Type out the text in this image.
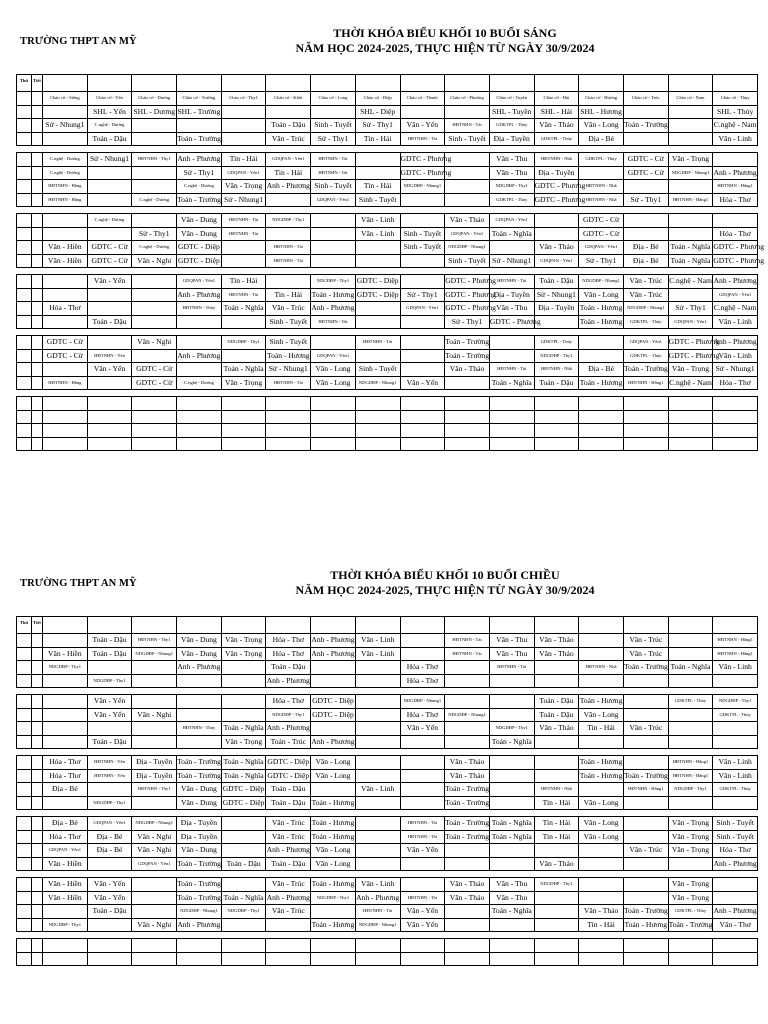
TRƯỜNG THPT AN MỸ
THỜI KHÓA BIỂU KHỐI 10 BUỔI SÁNG
NĂM HỌC 2024-2025, THỰC HIỆN TỪ NGÀY 30/9/2024
Thứ	Tiết																
		Chào cờ - Siêng	Chào cờ - Yến	Chào cờ - Dương	Chào cờ - Trường	Chào cờ - Thy1	Chào cờ - Khôi	Chào cờ - Long	Chào cờ - Diệp	Chào cờ - Thanh	Chào cờ - Phương	Chào cờ - Tuyền	Chào cờ - Hải	Chào cờ - Hương	Chào cờ - Trúc	Chào cờ - Nam	Chào cờ - Thủy
			SHL - Yến	SHL - Dương	SHL - Trường				SHL - Diệp			SHL - Tuyền	SHL - Hải	SHL - Hương			SHL - Thủy
		Sử - Nhung1	C.nghệ - Dương				Toán - Dậu	Sinh - Tuyết	Sử - Thy1	Văn - Yến	HĐTNHN - Tài	GDKTPL - Thủy	Văn - Thảo	Văn - Long	Toán - Trường		C.nghệ - Nam
			Toán - Dậu		Toán - Trường		Văn - Trúc	Sử - Thy1	Tin - Hải	HĐTNHN - Tài	Sinh - Tuyết	Địa - Tuyền	GDKTPL - Thủy	Địa - Bé			Văn - Linh

		C.nghệ - Dương	Sử - Nhung1	HĐTNHN - Thy1	Anh - Phương	Tin - Hải	GDQPAN - Yên1	HĐTNHN - Tài		GDTC - Phương		Văn - Thu	HĐTNHN - Nhã	GDKTPL - Thủy	GDTC - Cừ	Văn - Trọng	
		C.nghệ - Dương			Sử - Thy1	GDQPAN - Yên1	Tin - Hải	HĐTNHN - Tài		GDTC - Phương		Văn - Thu	Địa - Tuyền		GDTC - Cừ	NDGDĐP - Nhung1	Anh - Phương
		HĐTNHN - Hằng			C.nghệ - Dương	Văn - Trọng	Anh - Phương	Sinh - Tuyết	Tin - Hải	NDGDĐP - Nhung1		NDGDĐP - Thy1	GDTC - Phương	HĐTNHN - Nhã			HĐTNHN - Hằng1
		HĐTNHN - Hằng		C.nghệ - Dương	Toán - Trường	Sử - Nhung1		GDQPAN - Yên1	Sinh - Tuyết			GDKTPL - Thủy	GDTC - Phương	HĐTNHN - Nhã	Sử - Thy1	HĐTNHN - Hằng1	Hóa - Thơ

			C.nghệ - Dương		Văn - Dung	HĐTNHN - Tài	NDGDĐP - Thy1		Văn - Linh		Văn - Thảo	GDQPAN - Yên1		GDTC - Cừ			
				Sử - Thy1	Văn - Dung	HĐTNHN - Tài			Văn - Linh	Sinh - Tuyết	GDQPAN - Yên1	Toán - Nghĩa		GDTC - Cừ			Hóa - Thơ
		Văn - Hiền	GDTC - Cừ	C.nghệ - Dương	GDTC - Diệp		HĐTNHN - Tài			Sinh - Tuyết	NDGDĐP - Nhung1		Văn - Thảo	GDQPAN - Yên1	Địa - Bé	Toán - Nghĩa	GDTC - Phương
		Văn - Hiền	GDTC - Cừ	Văn - Nghi	GDTC - Diệp		HĐTNHN - Tài				Sinh - Tuyết	Sử - Nhung1	GDQPAN - Yên1	Sử - Thy1	Địa - Bé	Toán - Nghĩa	GDTC - Phương

			Văn - Yến		GDQPAN - Yên1	Tin - Hải		NDGDĐP - Thy1	GDTC - Diệp		GDTC - Phương	HĐTNHN - Tài	Toán - Dậu	NDGDĐP - Nhung1	Văn - Trúc	C.nghệ - Nam	Anh - Phương
					Anh - Phương	HĐTNHN - Tài	Tin - Hải	Toán - Hương	GDTC - Diệp	Sử - Thy1	GDTC - Phương	Địa - Tuyền	Sử - Nhung1	Văn - Long	Văn - Trúc		GDQPAN - Yên1
		Hóa - Thơ			HĐTNHN - Thủy	Toán - Nghĩa	Văn - Trúc	Anh - Phương		GDQPAN - Yên1	GDTC - Phương	Văn - Thu	Địa - Tuyền	Toán - Hương	NDGDĐP - Nhung1	Sử - Thy1	C.nghệ - Nam
			Toán - Dậu				Sinh - Tuyết	HĐTNHN - Tài			Sử - Thy1	GDTC - Phương		Toán - Hương	GDKTPL - Thủy	GDQPAN - Yên1	Văn - Linh

		GDTC - Cừ		Văn - Nghi		NDGDĐP - Thy1	Sinh - Tuyết		HĐTNHN - Tài		Toán - Trường		GDKTPL - Thủy		GDQPAN - Yên1	GDTC - Phương	Anh - Phương
		GDTC - Cừ	HĐTNHN - Yến		Anh - Phương		Toán - Hương	GDQPAN - Yên1			Toán - Trường		NDGDĐP - Thy1		GDKTPL - Thủy	GDTC - Phương	Văn - Linh
			Văn - Yến	GDTC - Cừ		Toán - Nghĩa	Sử - Nhung1	Văn - Long	Sinh - Tuyết		Văn - Thảo	HĐTNHN - Tài	HĐTNHN - Nhã	Địa - Bé	Toán - Trường	Văn - Trọng	Sử - Nhung1
		HĐTNHN - Hằng		GDTC - Cừ	C.nghệ - Dương	Văn - Trọng	HĐTNHN - Tài	Văn - Long	NDGDĐP - Nhung1	Văn - Yến		Toán - Nghĩa	Toán - Dậu	Toán - Hương	HĐTNHN - Hằng1	C.nghệ - Nam	Hóa - Thơ

TRƯỜNG THPT AN MỸ
THỜI KHÓA BIỂU KHỐI 10 BUỔI CHIỀU
NĂM HỌC 2024-2025, THỰC HIỆN TỪ NGÀY 30/9/2024
Thứ	Tiết																
			Toán - Dậu	HĐTNHN - Thy1	Văn - Dung	Văn - Trọng	Hóa - Thơ	Anh - Phương	Văn - Linh		HĐTNHN - Tài	Văn - Thu	Văn - Thảo		Văn - Trúc		HĐTNHN - Hằng1
		Văn - Hiền	Toán - Dậu	NDGDĐP - Nhung1	Văn - Dung	Văn - Trọng	Hóa - Thơ	Anh - Phương	Văn - Linh		HĐTNHN - Tài	Văn - Thu	Văn - Thảo		Văn - Trúc		HĐTNHN - Hằng1
		NDGDĐP - Thy1			Anh - Phương		Toán - Dậu			Hóa - Thơ		HĐTNHN - Tài		HĐTNHN - Nhã	Toán - Trường	Toán - Nghĩa	Văn - Linh
			NDGDĐP - Thy1				Anh - Phương			Hóa - Thơ							

			Văn - Yến				Hóa - Thơ	GDTC - Diệp		NDGDĐP - Nhung1			Toán - Dậu	Toán - Hương		GDKTPL - Thủy	NDGDĐP - Thy1
			Văn - Yến	Văn - Nghi			NDGDĐP - Thy1	GDTC - Diệp		Hóa - Thơ	NDGDĐP - Nhung1		Toán - Dậu	Văn - Long			GDKTPL - Thủy
					HĐTNHN - Thủy	Toán - Nghĩa	Anh - Phương			Văn - Yến		NDGDĐP - Thy1	Văn - Thảo	Tin - Hải	Văn - Trúc		
			Toán - Dậu			Văn - Trọng	Toán - Trúc	Anh - Phương				Toán - Nghĩa					

		Hóa - Thơ	HĐTNHN - Yến	Địa - Tuyền	Toán - Trường	Toán - Nghĩa	GDTC - Diệp	Văn - Long			Văn - Thảo			Toán - Hương		HĐTNHN - Hằng1	Văn - Linh
		Hóa - Thơ	HĐTNHN - Yến	Địa - Tuyền	Toán - Trường	Toán - Nghĩa	GDTC - Diệp	Văn - Long			Văn - Thảo			Toán - Hương	Toán - Trường	HĐTNHN - Hằng1	Văn - Linh
		Địa - Bé		HĐTNHN - Thy1	Văn - Dung	GDTC - Diệp	Toán - Dậu		Văn - Linh		Toán - Trường		HĐTNHN - Nhã		HĐTNHN - Hằng1	NDGDĐP - Thy1	GDKTPL - Thủy
			NDGDĐP - Thy1		Văn - Dung	GDTC - Diệp	Toán - Dậu	Toán - Hương			Toán - Trường		Tin - Hải	Văn - Long			

		Địa - Bé	GDQPAN - Yên1	NDGDĐP - Nhung1	Địa - Tuyền		Văn - Trúc	Toán - Hương		HĐTNHN - Tài	Toán - Trường	Toán - Nghĩa	Tin - Hải	Văn - Long		Văn - Trọng	Sinh - Tuyết
		Hóa - Thơ	Địa - Bé	Văn - Nghi	Địa - Tuyền		Văn - Trúc	Toán - Hương		HĐTNHN - Tài	Toán - Trường	Toán - Nghĩa	Tin - Hải	Văn - Long		Văn - Trọng	Sinh - Tuyết
		GDQPAN - Yên1	Địa - Bé	Văn - Nghi	Văn - Dung		Anh - Phương	Văn - Long		Văn - Yến					Văn - Trúc	Văn - Trọng	Hóa - Thơ
		Văn - Hiền		GDQPAN - Yên1	Toán - Trường	Toán - Dậu	Toán - Dậu	Văn - Long					Văn - Thảo				Anh - Phương

		Văn - Hiền	Văn - Yến		Toán - Trường		Văn - Trúc	Toán - Hương	Văn - Linh		Văn - Thảo	Văn - Thu	NDGDĐP - Thy1			Văn - Trọng	
		Văn - Hiền	Văn - Yến		Toán - Trường	Toán - Nghĩa	Anh - Phương	NDGDĐP - Thy1	Anh - Phương	HĐTNHN - Tài	Văn - Thảo	Văn - Thu				Văn - Trọng	
			Toán - Dậu		NDGDĐP - Nhung1	NDGDĐP - Thy1	Văn - Trúc		HĐTNHN - Tài	Văn - Yến		Toán - Nghĩa		Văn - Thảo	Toán - Trường	GDKTPL - Thủy	Anh - Phương
		NDGDĐP - Thy1		Văn - Nghi	Anh - Phương			Toán - Hương	NDGDĐP - Nhung1	Văn - Yến				Tin - Hải	Toán - Hương	Toán - Trường	Văn - Thơ
